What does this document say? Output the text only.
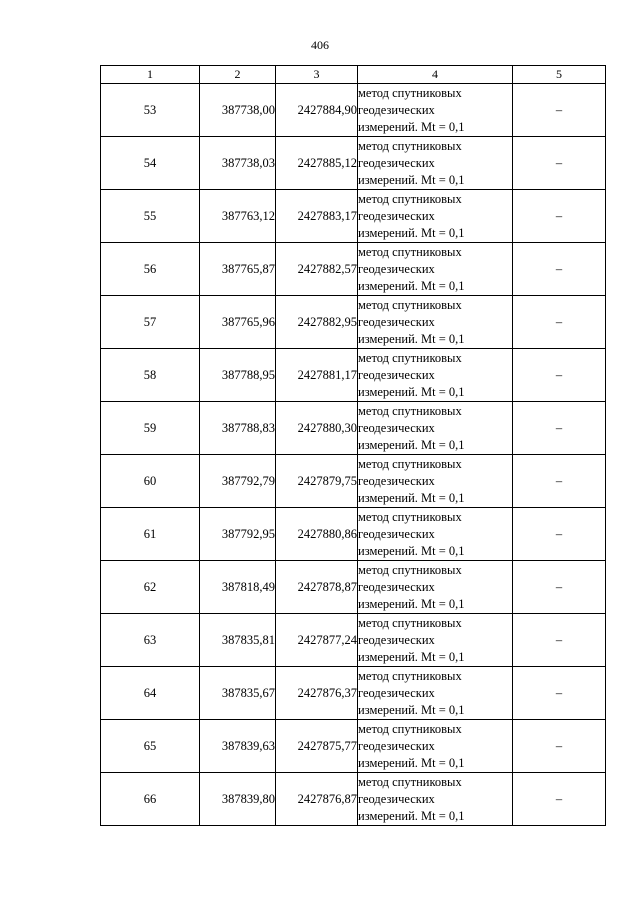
406
1	2	3	4	5
53	387738,00	2427884,90	метод спутниковых
геодезических
измерений. Mt = 0,1	–
54	387738,03	2427885,12	метод спутниковых
геодезических
измерений. Mt = 0,1	–
55	387763,12	2427883,17	метод спутниковых
геодезических
измерений. Mt = 0,1	–
56	387765,87	2427882,57	метод спутниковых
геодезических
измерений. Mt = 0,1	–
57	387765,96	2427882,95	метод спутниковых
геодезических
измерений. Mt = 0,1	–
58	387788,95	2427881,17	метод спутниковых
геодезических
измерений. Mt = 0,1	–
59	387788,83	2427880,30	метод спутниковых
геодезических
измерений. Mt = 0,1	–
60	387792,79	2427879,75	метод спутниковых
геодезических
измерений. Mt = 0,1	–
61	387792,95	2427880,86	метод спутниковых
геодезических
измерений. Mt = 0,1	–
62	387818,49	2427878,87	метод спутниковых
геодезических
измерений. Mt = 0,1	–
63	387835,81	2427877,24	метод спутниковых
геодезических
измерений. Mt = 0,1	–
64	387835,67	2427876,37	метод спутниковых
геодезических
измерений. Mt = 0,1	–
65	387839,63	2427875,77	метод спутниковых
геодезических
измерений. Mt = 0,1	–
66	387839,80	2427876,87	метод спутниковых
геодезических
измерений. Mt = 0,1	–
